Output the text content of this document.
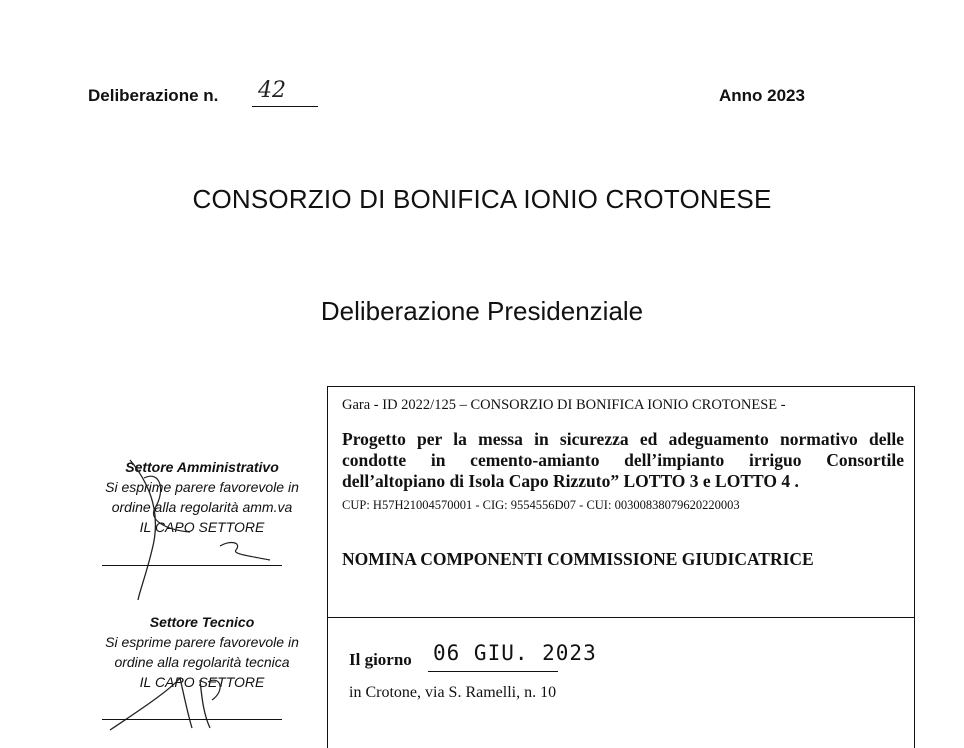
Deliberazione n. 42	Anno 2023
CONSORZIO DI BONIFICA IONIO CROTONESE
Deliberazione Presidenziale
Settore Amministrativo
Si esprime parere favorevole in
ordine alla regolarità amm.va
IL CAPO SETTORE
Settore Tecnico
Si esprime parere favorevole in
ordine alla regolarità tecnica
IL CAPO SETTORE
Gara - ID 2022/125 – CONSORZIO DI BONIFICA IONIO CROTONESE -
Progetto per la messa in sicurezza ed adeguamento normativo delle condotte in cemento-amianto dell’impianto irriguo Consortile dell’altopiano di Isola Capo Rizzuto” LOTTO 3 e LOTTO 4 .
CUP: H57H21004570001 - CIG: 9554556D07 - CUI: 00300838079620220003
NOMINA COMPONENTI COMMISSIONE GIUDICATRICE
Il giorno 06 GIU. 2023
in Crotone, via S. Ramelli, n. 10
